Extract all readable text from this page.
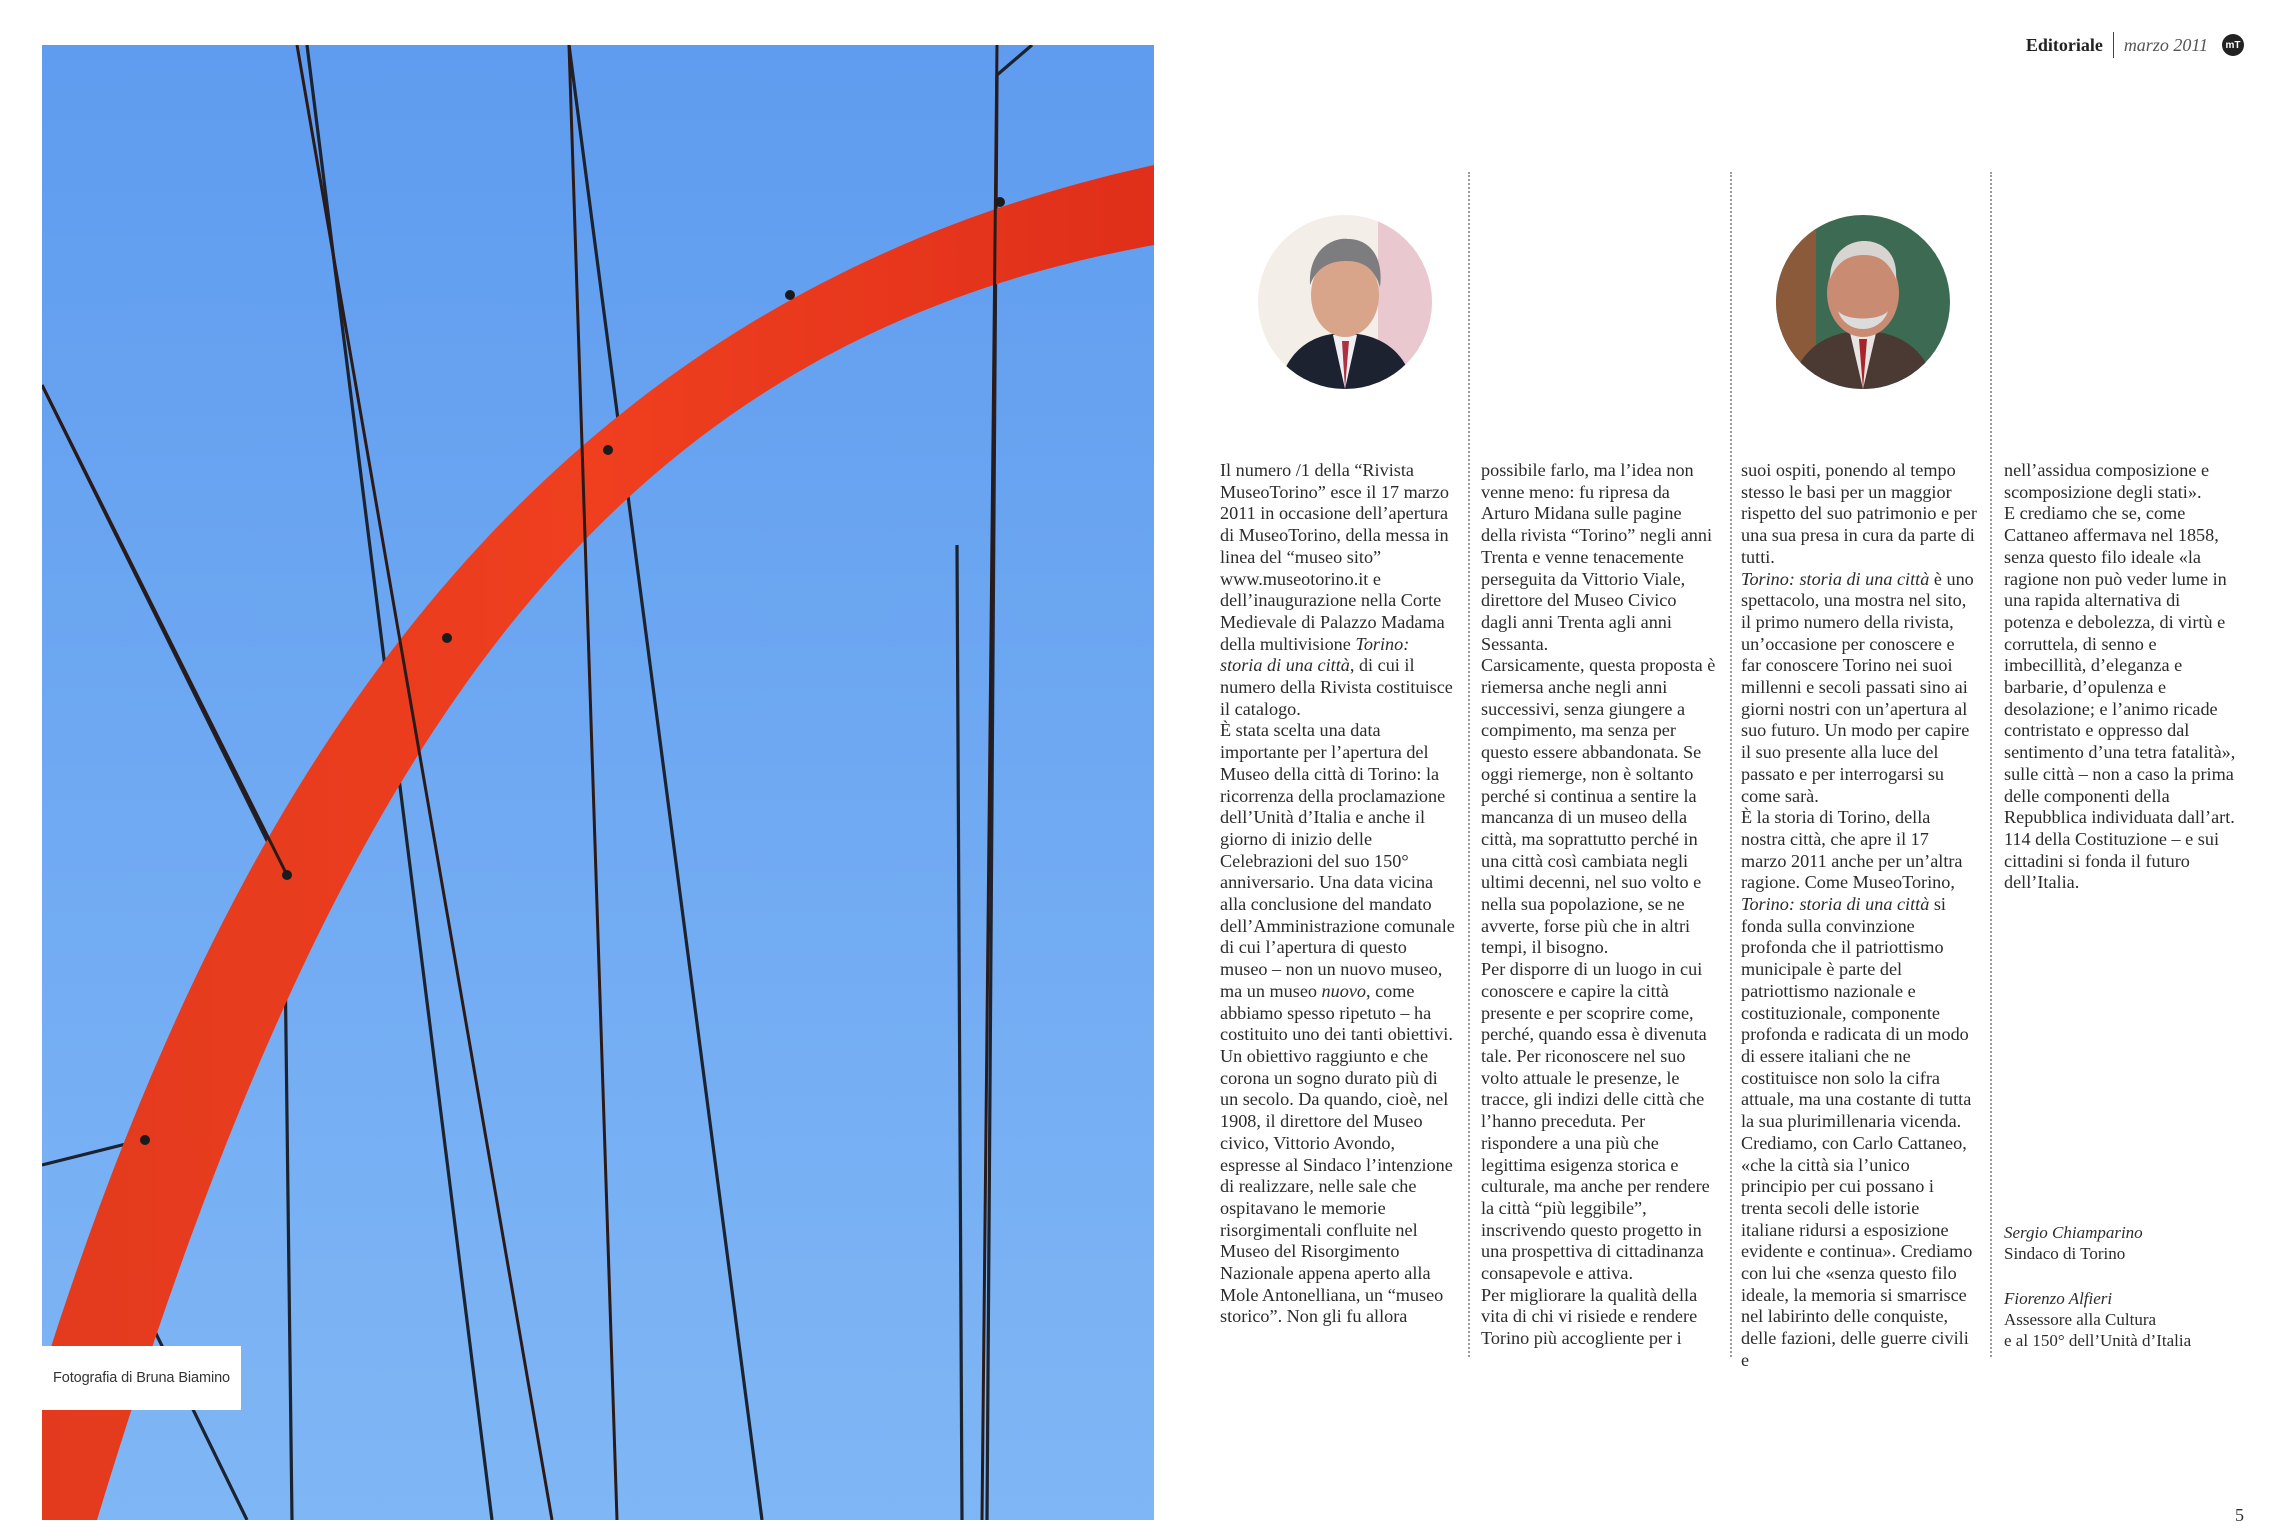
Fotografia di Bruna Biamino
Editoriale marzo 2011	mT

Il numero /1 della “Rivista MuseoTorino” esce il 17 marzo 2011 in occasione dell’apertura di MuseoTorino, della messa in linea del “museo sito” www.museotorino.it e dell’inaugurazione nella Corte Medievale di Palazzo Madama della multivisione Torino: storia di una città, di cui il numero della Rivista costituisce il catalogo.

È stata scelta una data importante per l’apertura del Museo della città di Torino: la ricorrenza della proclamazione dell’Unità d’Italia e anche il giorno di inizio delle Celebrazioni del suo 150° anniversario. Una data vicina alla conclusione del mandato dell’Amministrazione comunale di cui l’apertura di questo museo – non un nuovo museo, ma un museo nuovo, come abbiamo spesso ripetuto – ha costituito uno dei tanti obiettivi.

Un obiettivo raggiunto e che corona un sogno durato più di un secolo. Da quando, cioè, nel 1908, il direttore del Museo civico, Vittorio Avondo, espresse al Sindaco l’intenzione di realizzare, nelle sale che ospitavano le memorie risorgimentali confluite nel Museo del Risorgimento Nazionale appena aperto alla Mole Antonelliana, un “museo storico”. Non gli fu allora

possibile farlo, ma l’idea non venne meno: fu ripresa da Arturo Midana sulle pagine della rivista “Torino” negli anni Trenta e venne tenacemente perseguita da Vittorio Viale, direttore del Museo Civico dagli anni Trenta agli anni Sessanta.

Carsicamente, questa proposta è riemersa anche negli anni successivi, senza giungere a compimento, ma senza per questo essere abbandonata. Se oggi riemerge, non è soltanto perché si continua a sentire la mancanza di un museo della città, ma soprattutto perché in una città così cambiata negli ultimi decenni, nel suo volto e nella sua popolazione, se ne avverte, forse più che in altri tempi, il bisogno.

Per disporre di un luogo in cui conoscere e capire la città presente e per scoprire come, perché, quando essa è divenuta tale. Per riconoscere nel suo volto attuale le presenze, le tracce, gli indizi delle città che l’hanno preceduta. Per rispondere a una più che legittima esigenza storica e culturale, ma anche per rendere la città “più leggibile”, inscrivendo questo progetto in una prospettiva di cittadinanza consapevole e attiva.

Per migliorare la qualità della vita di chi vi risiede e rendere Torino più accogliente per i

suoi ospiti, ponendo al tempo stesso le basi per un maggior rispetto del suo patrimonio e per una sua presa in cura da parte di tutti.

Torino: storia di una città è uno spettacolo, una mostra nel sito, il primo numero della rivista, un’occasione per conoscere e far conoscere Torino nei suoi millenni e secoli passati sino ai giorni nostri con un’apertura al suo futuro. Un modo per capire il suo presente alla luce del passato e per interrogarsi su come sarà.

È la storia di Torino, della nostra città, che apre il 17 marzo 2011 anche per un’altra ragione. Come MuseoTorino, Torino: storia di una città si fonda sulla convinzione profonda che il patriottismo municipale è parte del patriottismo nazionale e costituzionale, componente profonda e radicata di un modo di essere italiani che ne costituisce non solo la cifra attuale, ma una costante di tutta la sua plurimillenaria vicenda. Crediamo, con Carlo Cattaneo, «che la città sia l’unico principio per cui possano i trenta secoli delle istorie italiane ridursi a esposizione evidente e continua». Crediamo con lui che «senza questo filo ideale, la memoria si smarrisce nel labirinto delle conquiste, delle fazioni, delle guerre civili e

nell’assidua composizione e scomposizione degli stati».

E crediamo che se, come Cattaneo affermava nel 1858, senza questo filo ideale «la ragione non può veder lume in una rapida alternativa di potenza e debolezza, di virtù e corruttela, di senno e imbecillità, d’eleganza e barbarie, d’opulenza e desolazione; e l’animo ricade contristato e oppresso dal sentimento d’una tetra fatalità», sulle città – non a caso la prima delle componenti della Repubblica individuata dall’art. 114 della Costituzione – e sui cittadini si fonda il futuro dell’Italia.

Sergio Chiamparino
Sindaco di Torino
Fiorenzo Alfieri
Assessore alla Cultura
e al 150° dell’Unità d’Italia
5
